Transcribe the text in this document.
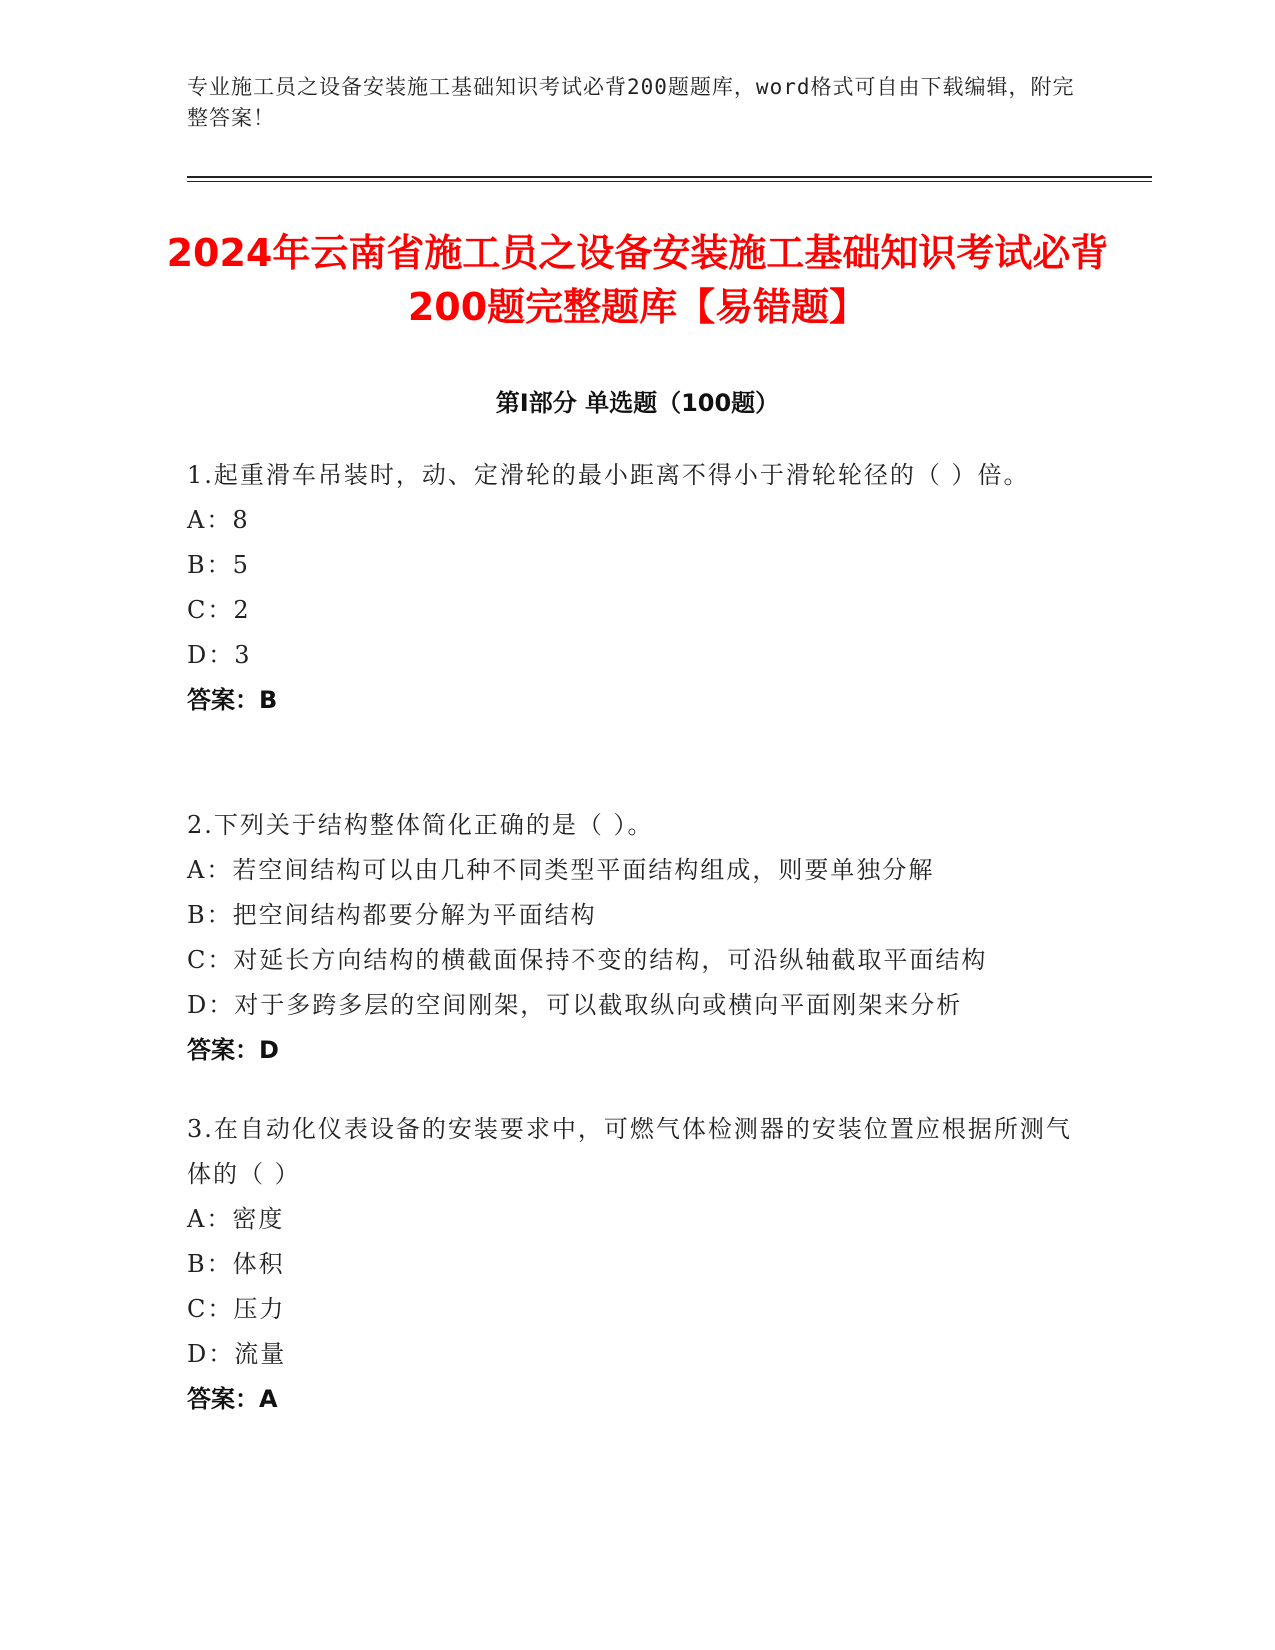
专业施工员之设备安装施工基础知识考试必背200题题库，word格式可自由下载编辑，附完整答案！
2024年云南省施工员之设备安装施工基础知识考试必背200题完整题库【易错题】
第I部分 单选题（100题）
1.起重滑车吊装时，动、定滑轮的最小距离不得小于滑轮轮径的（ ）倍。
A：8
B：5
C：2
D：3
答案：B
2.下列关于结构整体简化正确的是（ ）。
A：若空间结构可以由几种不同类型平面结构组成，则要单独分解
B：把空间结构都要分解为平面结构
C：对延长方向结构的横截面保持不变的结构，可沿纵轴截取平面结构
D：对于多跨多层的空间刚架，可以截取纵向或横向平面刚架来分析
答案：D
3.在自动化仪表设备的安装要求中，可燃气体检测器的安装位置应根据所测气体的（ ）
A：密度
B：体积
C：压力
D：流量
答案：A
